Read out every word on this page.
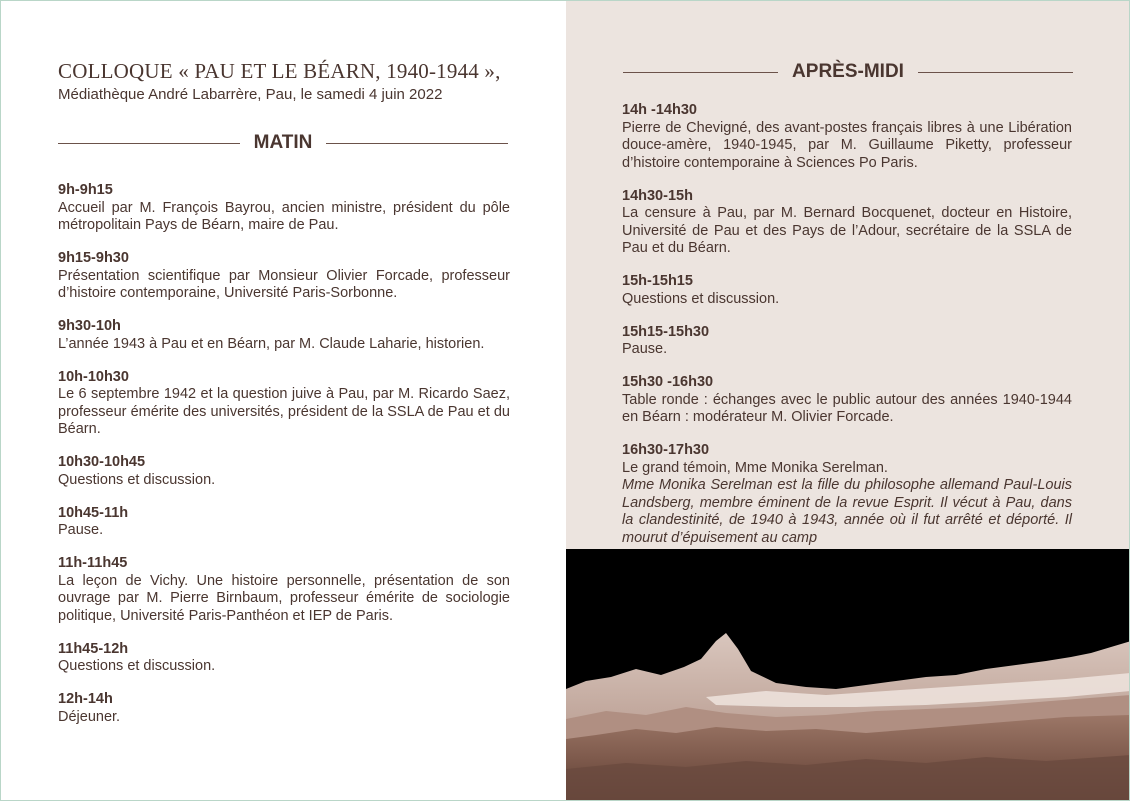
COLLOQUE « PAU ET LE BÉARN, 1940-1944 »,
Médiathèque André Labarrère, Pau, le samedi 4 juin 2022
MATIN
9h-9h15
Accueil par M. François Bayrou, ancien ministre, président du pôle métropolitain Pays de Béarn, maire de Pau.
9h15-9h30
Présentation scientifique par Monsieur Olivier Forcade, professeur d’histoire contemporaine, Université Paris-Sorbonne.
9h30-10h
L’année 1943 à Pau et en Béarn, par M. Claude Laharie, historien.
10h-10h30
Le 6 septembre 1942 et la question juive à Pau, par M. Ricardo Saez, professeur émérite des universités, président de la SSLA de Pau et du Béarn.
10h30-10h45
Questions et discussion.
10h45-11h
Pause.
11h-11h45
La leçon de Vichy. Une histoire personnelle, présentation de son ouvrage par M. Pierre Birnbaum, professeur émérite de sociologie politique, Université Paris-Panthéon et IEP de Paris.
11h45-12h
Questions et discussion.
12h-14h
Déjeuner.
APRÈS-MIDI
14h -14h30
Pierre de Chevigné, des avant-postes français libres à une Libération douce-amère, 1940-1945, par M. Guillaume Piketty, professeur d’histoire contemporaine à Sciences Po Paris.
14h30-15h
La censure à Pau, par M. Bernard Bocquenet, docteur en Histoire, Université de Pau et des Pays de l’Adour, secrétaire de la SSLA de Pau et du Béarn.
15h-15h15
Questions et discussion.
15h15-15h30
Pause.
15h30 -16h30
Table ronde : échanges avec le public autour des années 1940-1944 en Béarn : modérateur M. Olivier Forcade.
16h30-17h30
Le grand témoin, Mme Monika Serelman.
Mme Monika Serelman est la fille du philosophe allemand Paul-Louis Landsberg, membre éminent de la revue Esprit. Il vécut à Pau, dans la clandestinité, de 1940 à 1943, année où il fut arrêté et déporté. Il mourut d’épuisement au camp
